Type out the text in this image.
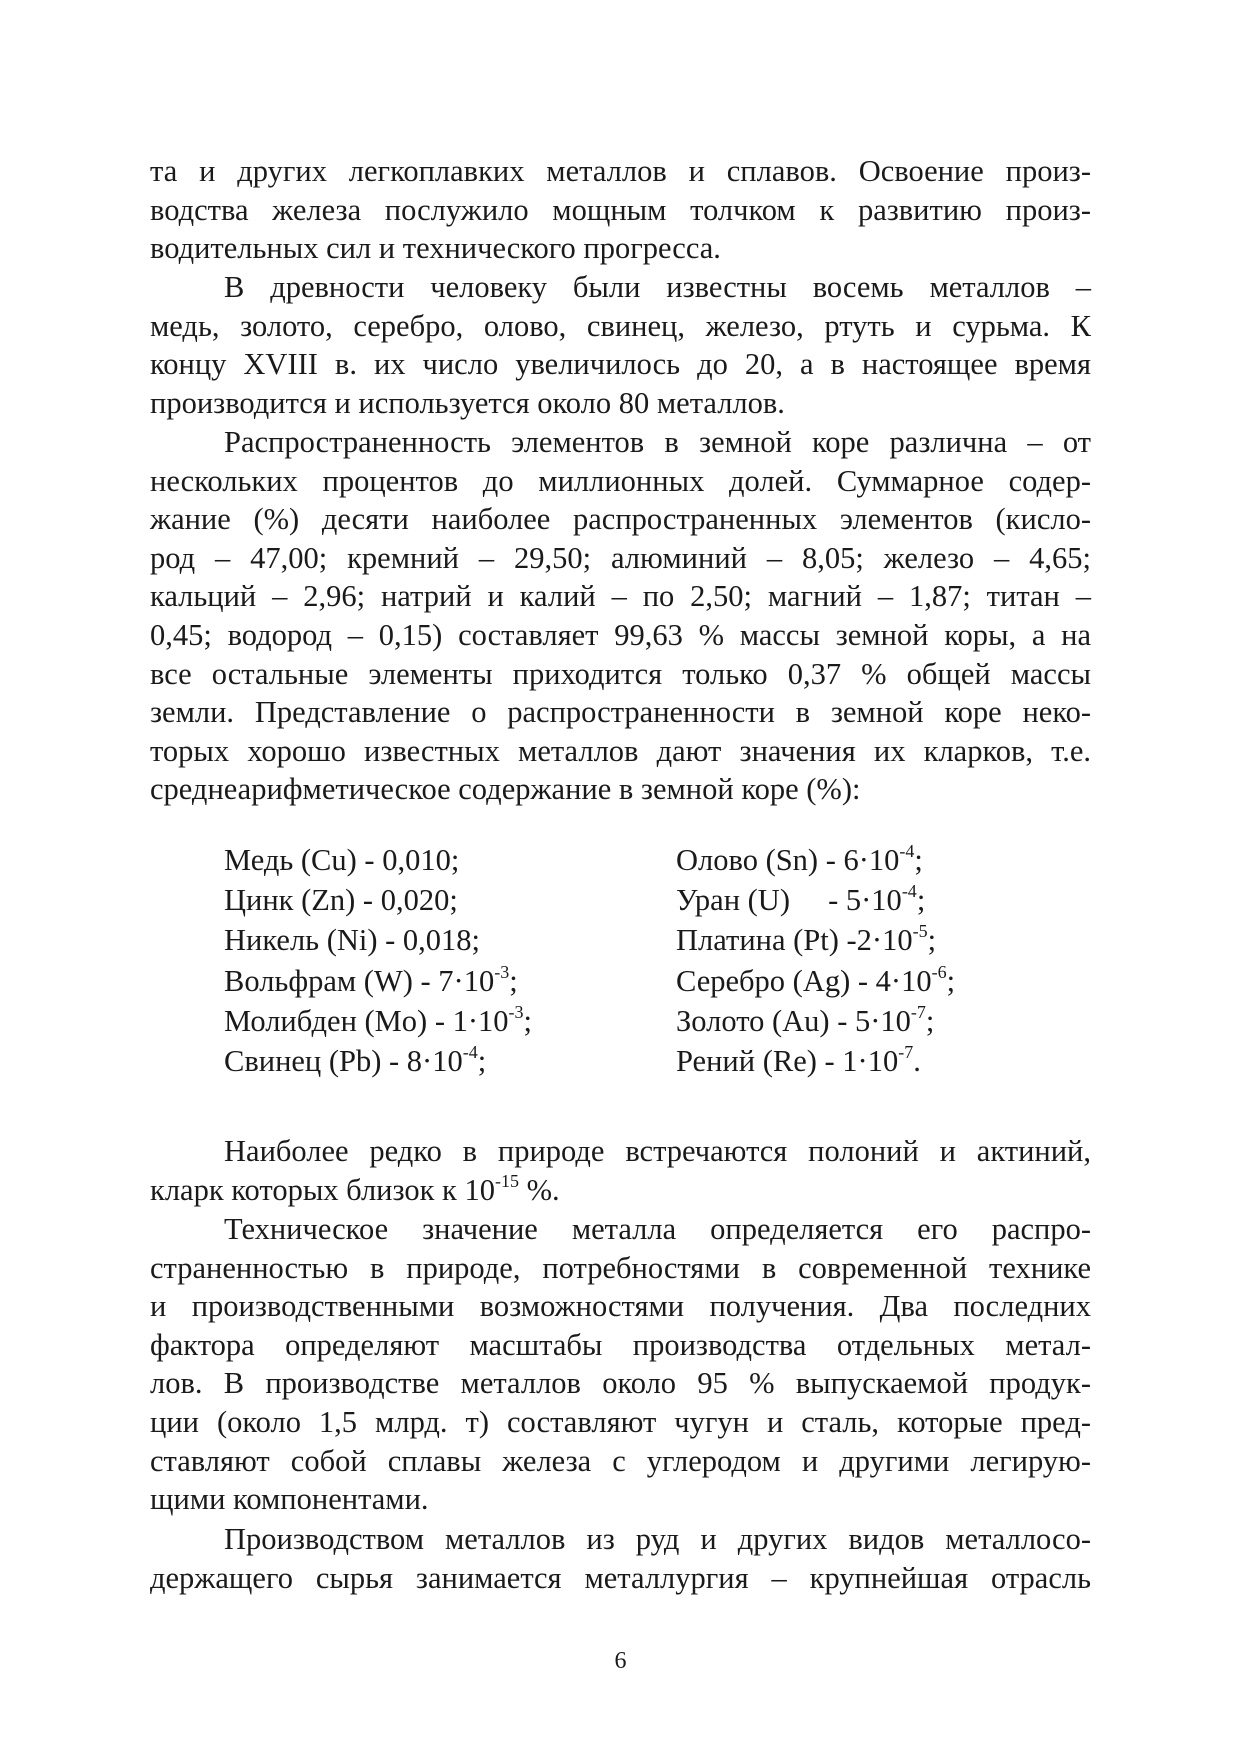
та и других легкоплавких металлов и сплавов. Освоение произ-
водства железа послужило мощным толчком к развитию произ-
водительных сил и технического прогресса.
В древности человеку были известны восемь металлов –
медь, золото, серебро, олово, свинец, железо, ртуть и сурьма. К
концу XVIII в. их число увеличилось до 20, а в настоящее время
производится и используется около 80 металлов.
Распространенность элементов в земной коре различна – от
нескольких процентов до миллионных долей. Суммарное содер-
жание (%) десяти наиболее распространенных элементов (кисло-
род – 47,00; кремний – 29,50; алюминий – 8,05; железо – 4,65;
кальций – 2,96; натрий и калий – по 2,50; магний – 1,87; титан –
0,45; водород – 0,15) составляет 99,63 % массы земной коры, а на
все остальные элементы приходится только 0,37 % общей массы
земли. Представление о распространенности в земной коре неко-
торых хорошо известных металлов дают значения их кларков, т.е.
среднеарифметическое содержание в земной коре (%):
Медь (Cu) - 0,010;
Цинк (Zn) - 0,020;
Никель (Ni) - 0,018;
Вольфрам $(W) - 7\cdot 10^{-3}$;
Молибден $(Mo) - 1\cdot 10^{-3}$;
Свинец $(Pb) - 8\cdot 10^{-4}$;
Олово $(Sn) - 6\cdot 10^{-4}$;
Уран (U)     - $5\cdot 10^{-4}$;
Платина (Pt) $-2\cdot 10^{-5}$;
Серебро $(Ag) - 4\cdot 10^{-6}$;
Золото $(Au) - 5\cdot 10^{-7}$;
Рений $(Re) - 1\cdot 10^{-7}$.
Наиболее редко в природе встречаются полоний и актиний,
кларк которых близок к $10^{-15}$ %.
Техническое значение металла определяется его распро-
страненностью в природе, потребностями в современной технике
и производственными возможностями получения. Два последних
фактора определяют масштабы производства отдельных метал-
лов. В производстве металлов около 95 % выпускаемой продук-
ции (около 1,5 млрд. т) составляют чугун и сталь, которые пред-
ставляют собой сплавы железа с углеродом и другими легирую-
щими компонентами.
Производством металлов из руд и других видов металлосо-
держащего сырья занимается металлургия – крупнейшая отрасль
6
